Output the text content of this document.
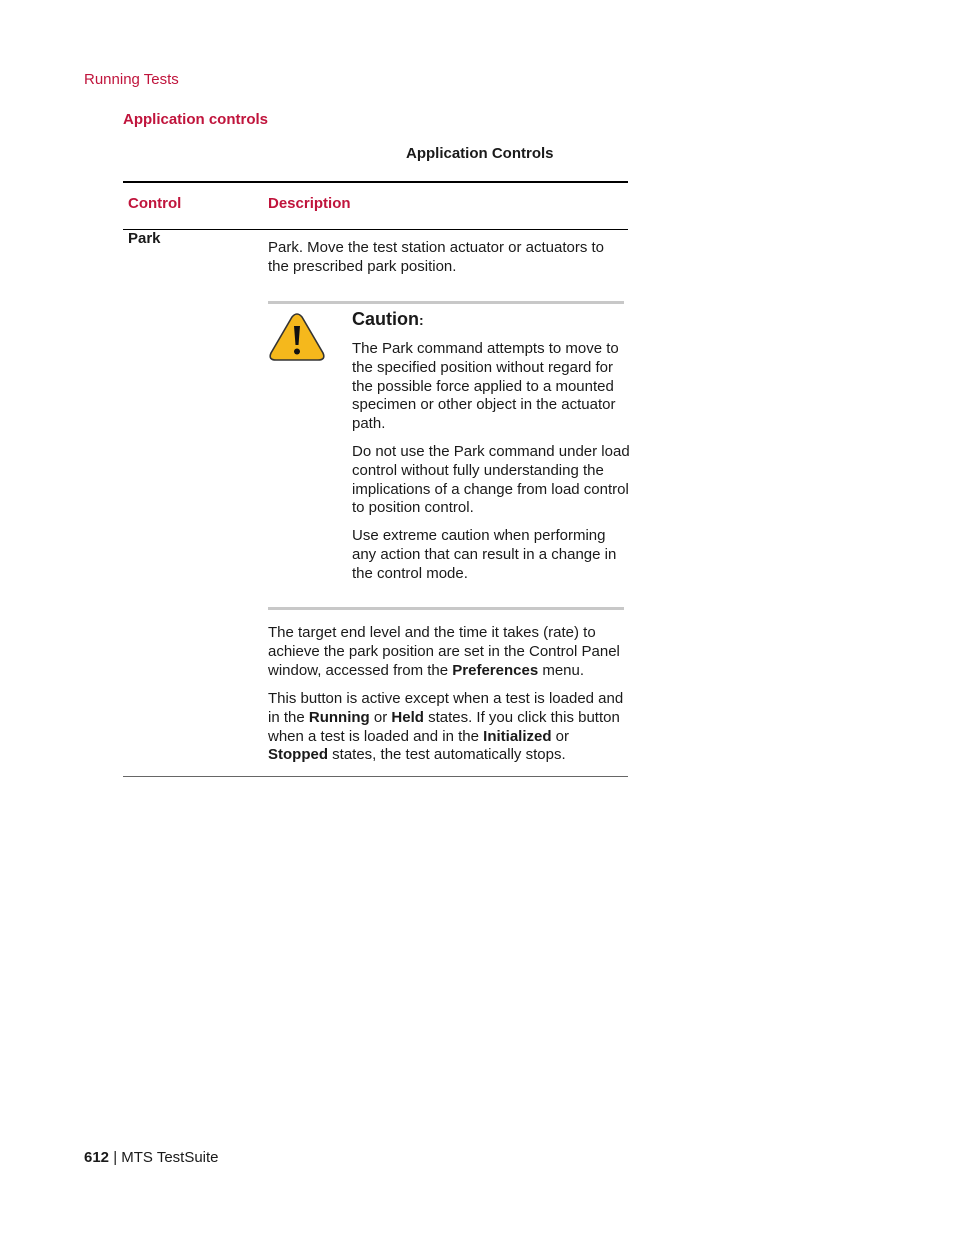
Running Tests
Application controls
Application Controls
Control	Description
Park

Park. Move the test station actuator or actuators to the prescribed park position.

Caution:

The Park command attempts to move to the specified position without regard for the possible force applied to a mounted specimen or other object in the actuator path.

Do not use the Park command under load control without fully understanding the implications of a change from load control to position control.

Use extreme caution when performing any action that can result in a change in the control mode.

The target end level and the time it takes (rate) to achieve the park position are set in the Control Panel window, accessed from the Preferences menu.

This button is active except when a test is loaded and in the Running or Held states. If you click this button when a test is loaded and in the Initialized or Stopped states, the test automatically stops.

612 | MTS TestSuite
